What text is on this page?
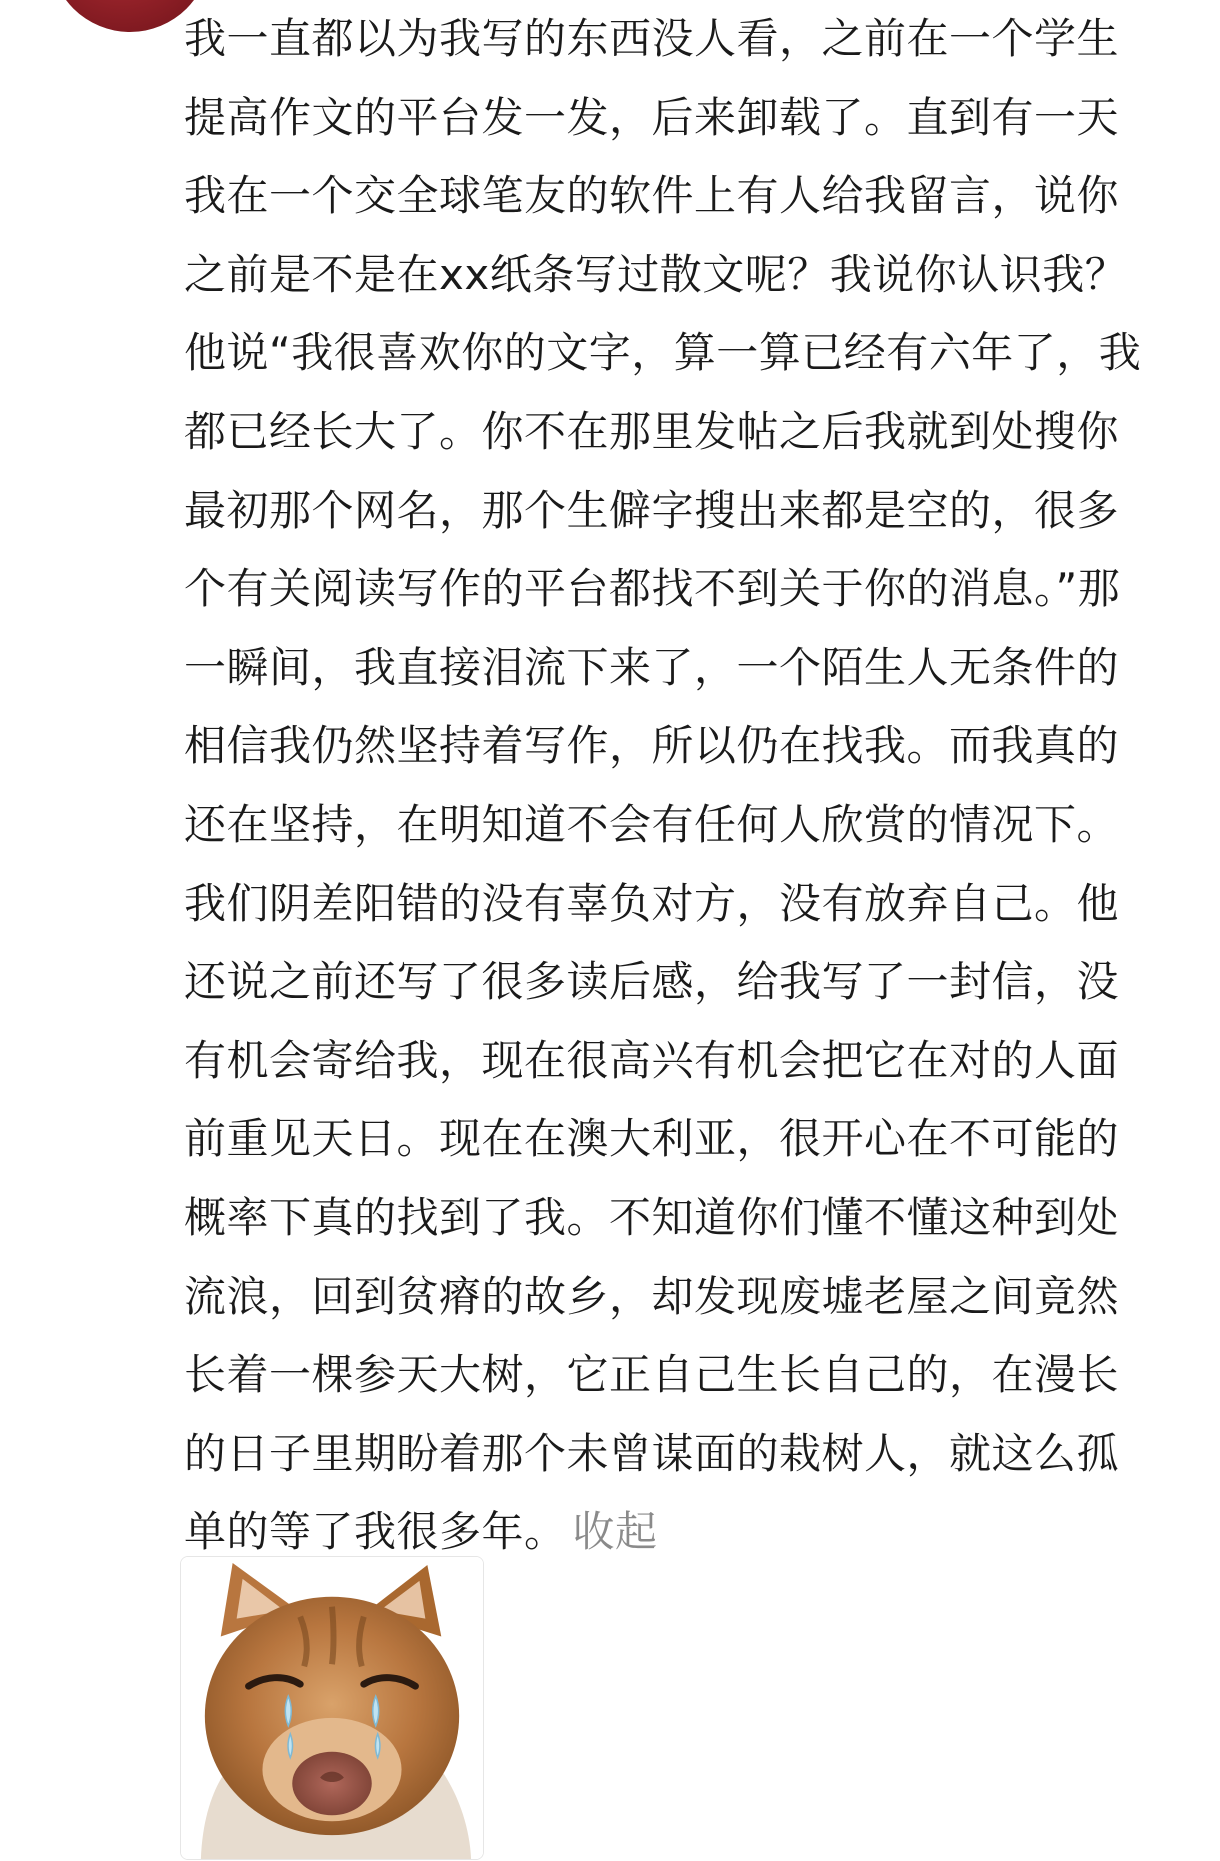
我一直都以为我写的东西没人看，之前在一个学生
提高作文的平台发一发，后来卸载了。直到有一天
我在一个交全球笔友的软件上有人给我留言，说你
之前是不是在xx纸条写过散文呢？我说你认识我？
他说“我很喜欢你的文字，算一算已经有六年了，我
都已经长大了。你不在那里发帖之后我就到处搜你
最初那个网名，那个生僻字搜出来都是空的，很多
个有关阅读写作的平台都找不到关于你的消息。”那
一瞬间，我直接泪流下来了，一个陌生人无条件的
相信我仍然坚持着写作，所以仍在找我。而我真的
还在坚持，在明知道不会有任何人欣赏的情况下。
我们阴差阳错的没有辜负对方，没有放弃自己。他
还说之前还写了很多读后感，给我写了一封信，没
有机会寄给我，现在很高兴有机会把它在对的人面
前重见天日。现在在澳大利亚，很开心在不可能的
概率下真的找到了我。不知道你们懂不懂这种到处
流浪，回到贫瘠的故乡，却发现废墟老屋之间竟然
长着一棵参天大树，它正自己生长自己的，在漫长
的日子里期盼着那个未曾谋面的栽树人，就这么孤
单的等了我很多年。 收起
